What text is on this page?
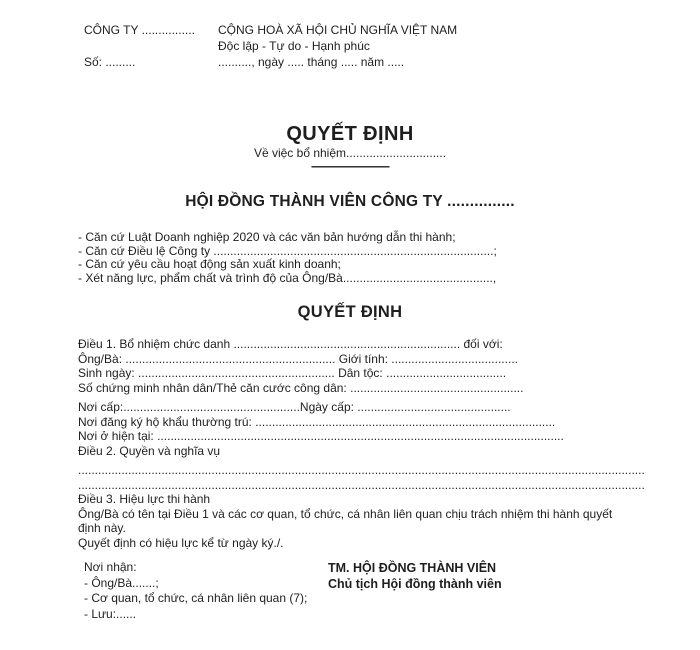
CÔNG TY ................
Số: .........
CỘNG HOÀ XÃ HỘI CHỦ NGHĨA VIỆT NAM
Độc lập - Tự do - Hạnh phúc
.........., ngày ..... tháng ..... năm .....
QUYẾT ĐỊNH
Về việc bổ nhiệm..............................
--------------------------
HỘI ĐỒNG THÀNH VIÊN CÔNG TY ...............
- Căn cứ Luật Doanh nghiệp 2020 và các văn bản hướng dẫn thi hành;
- Căn cứ Điều lệ Công ty ....................................................................................;
- Căn cứ yêu cầu hoạt động sản xuất kinh doanh;
- Xét năng lực, phẩm chất và trình độ của Ông/Bà.............................................,
QUYẾT ĐỊNH
Điều 1. Bổ nhiệm chức danh .................................................................... đối với:
Ông/Bà: ............................................................... Giới tính: ......................................
Sinh ngày: ........................................................... Dân tộc: ....................................
Số chứng minh nhân dân/Thẻ căn cước công dân: ....................................................
Nơi cấp:.....................................................Ngày cấp: ..............................................
Nơi đăng ký hộ khẩu thường trú: ..........................................................................................
Nơi ở hiện tại: ..........................................................................................................................
Điều 2. Quyền và nghĩa vụ
..........................................................................................................................................................................
..........................................................................................................................................................................
Điều 3. Hiệu lực thi hành
Ông/Bà có tên tại Điều 1 và các cơ quan, tổ chức, cá nhân liên quan chịu trách nhiệm thi hành quyết định này.
Quyết định có hiệu lực kể từ ngày ký./.
Nơi nhận:
- Ông/Bà.......;
- Cơ quan, tổ chức, cá nhân liên quan (7);
- Lưu:......
TM. HỘI ĐỒNG THÀNH VIÊN
Chủ tịch Hội đồng thành viên
